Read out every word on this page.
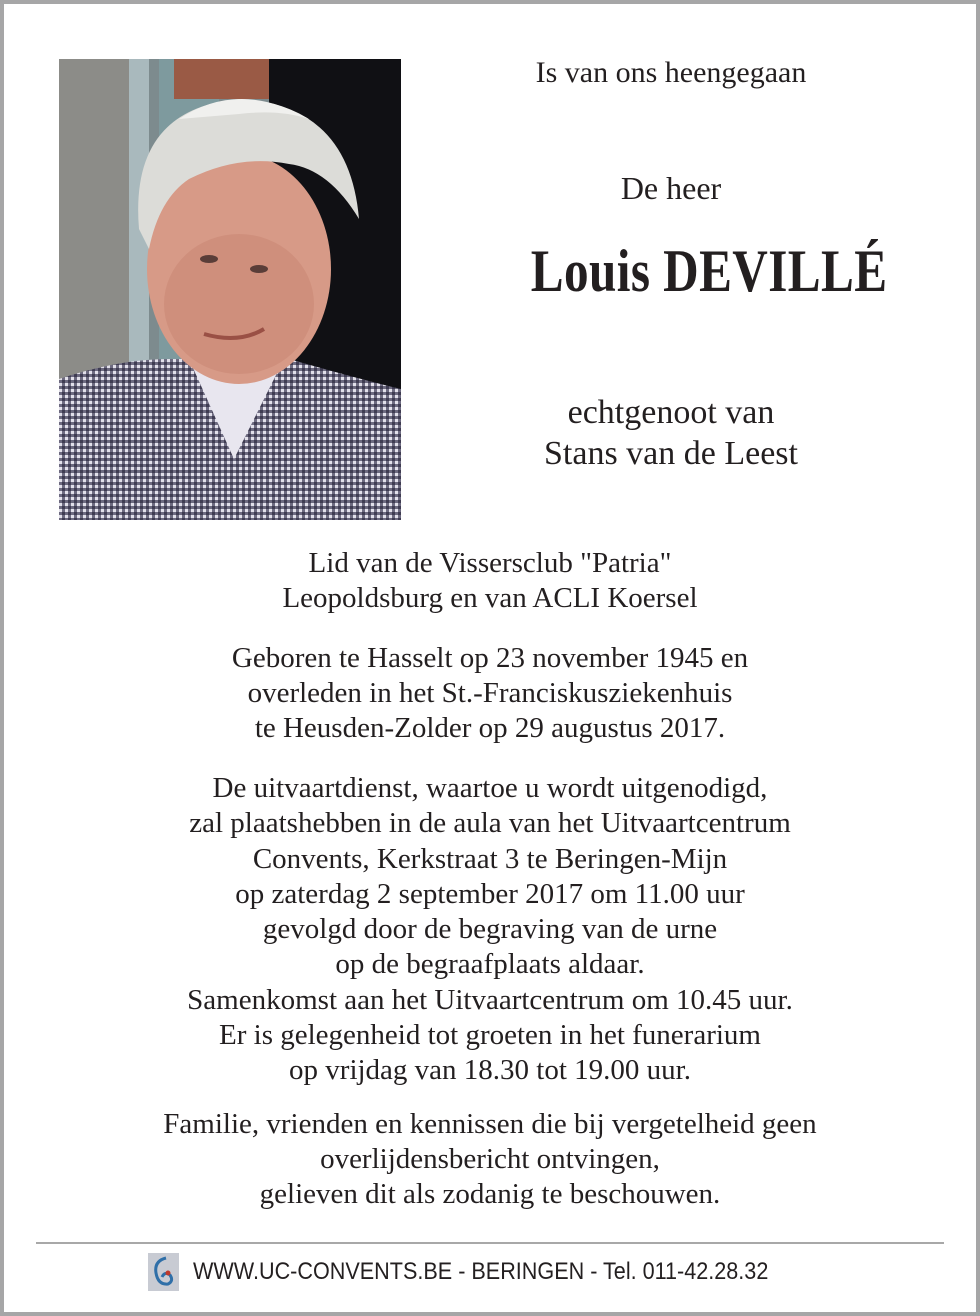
Is van ons heengegaan
De heer
Louis DEVILLÉ
echtgenoot van
Stans van de Leest
Lid van de Vissersclub "Patria"
Leopoldsburg en van ACLI Koersel
Geboren te Hasselt op 23 november 1945 en
overleden in het St.-Franciskusziekenhuis
te Heusden-Zolder op 29 augustus 2017.
De uitvaartdienst, waartoe u wordt uitgenodigd,
zal plaatshebben in de aula van het Uitvaartcentrum
Convents, Kerkstraat 3 te Beringen-Mijn
op zaterdag 2 september 2017 om 11.00 uur
gevolgd door de begraving van de urne
op de begraafplaats aldaar.
Samenkomst aan het Uitvaartcentrum om 10.45 uur.
Er is gelegenheid tot groeten in het funerarium
op vrijdag van 18.30 tot 19.00 uur.
Familie, vrienden en kennissen die bij vergetelheid geen
overlijdensbericht ontvingen,
gelieven dit als zodanig te beschouwen.
WWW.UC-CONVENTS.BE - BERINGEN - Tel. 011-42.28.32
